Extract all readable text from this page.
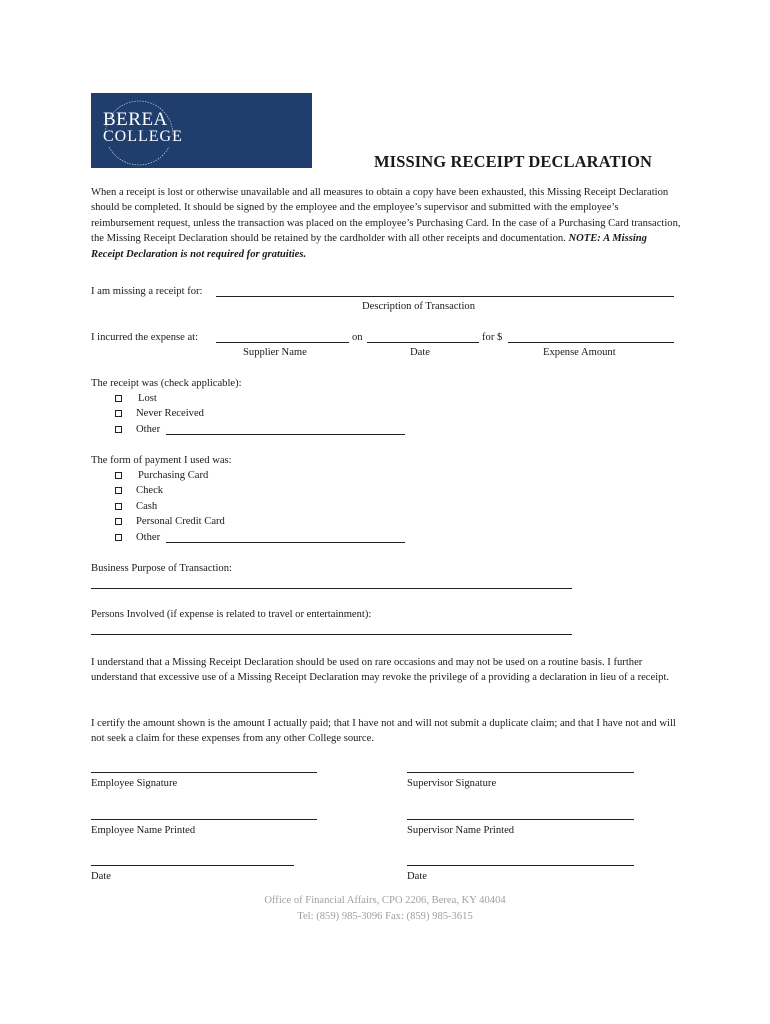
BEREA
COLLEGE
MISSING RECEIPT DECLARATION
When a receipt is lost or otherwise unavailable and all measures to obtain a copy have been exhausted, this Missing Receipt Declaration should be completed. It should be signed by the employee and the employee’s supervisor and submitted with the employee’s reimbursement request, unless the transaction was placed on the employee’s Purchasing Card. In the case of a Purchasing Card transaction, the Missing Receipt Declaration should be retained by the cardholder with all other receipts and documentation. NOTE: A Missing Receipt Declaration is not required for gratuities.
I am missing a receipt for:
Description of Transaction
I incurred the expense at:	on	for $
Supplier Name	Date	Expense Amount
The receipt was (check applicable):
Lost
Never Received
Other
The form of payment I used was:
Purchasing Card
Check
Cash
Personal Credit Card
Other
Business Purpose of Transaction:
Persons Involved (if expense is related to travel or entertainment):
I understand that a Missing Receipt Declaration should be used on rare occasions and may not be used on a routine basis. I further understand that excessive use of a Missing Receipt Declaration may revoke the privilege of a providing a declaration in lieu of a receipt.
I certify the amount shown is the amount I actually paid; that I have not and will not submit a duplicate claim; and that I have not and will not seek a claim for these expenses from any other College source.
Employee Signature	Supervisor Signature
Employee Name Printed	Supervisor Name Printed
Date	Date
Office of Financial Affairs, CPO 2206, Berea, KY 40404
Tel: (859) 985-3096 Fax: (859) 985-3615
